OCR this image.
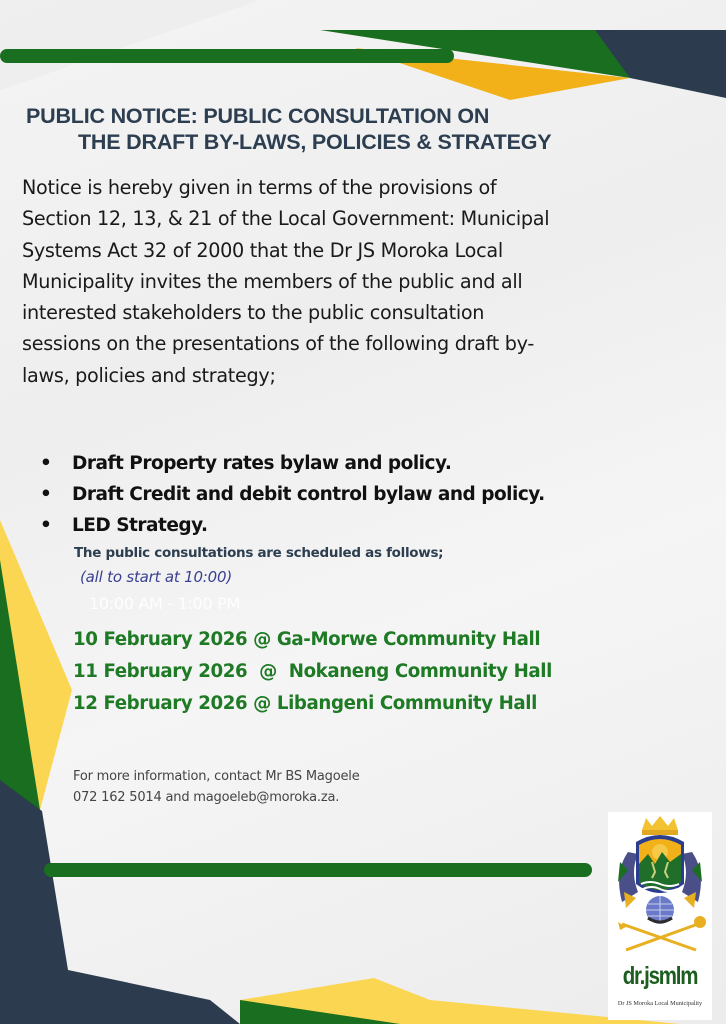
PUBLIC NOTICE: PUBLIC CONSULTATION ON
THE DRAFT BY-LAWS, POLICIES & STRATEGY
Notice is hereby given in terms of the provisions of
Section 12, 13, & 21 of the Local Government: Municipal
Systems Act 32 of 2000 that the Dr JS Moroka Local
Municipality invites the members of the public and all
interested stakeholders to the public consultation
sessions on the presentations of the following draft by-
laws, policies and strategy;
• Draft Property rates bylaw and policy.
• Draft Credit and debit control bylaw and policy.
• LED Strategy.
The public consultations are scheduled as follows;
(all to start at 10:00)
10:00 AM - 1:00 PM
10 February 2026 @ Ga-Morwe Community Hall
11 February 2026  @  Nokaneng Community Hall
12 February 2026 @ Libangeni Community Hall
For more information, contact Mr BS Magoele
072 162 5014 and magoeleb@moroka.za.
dr.jsmlm
Dr JS Moroka Local Municipality
